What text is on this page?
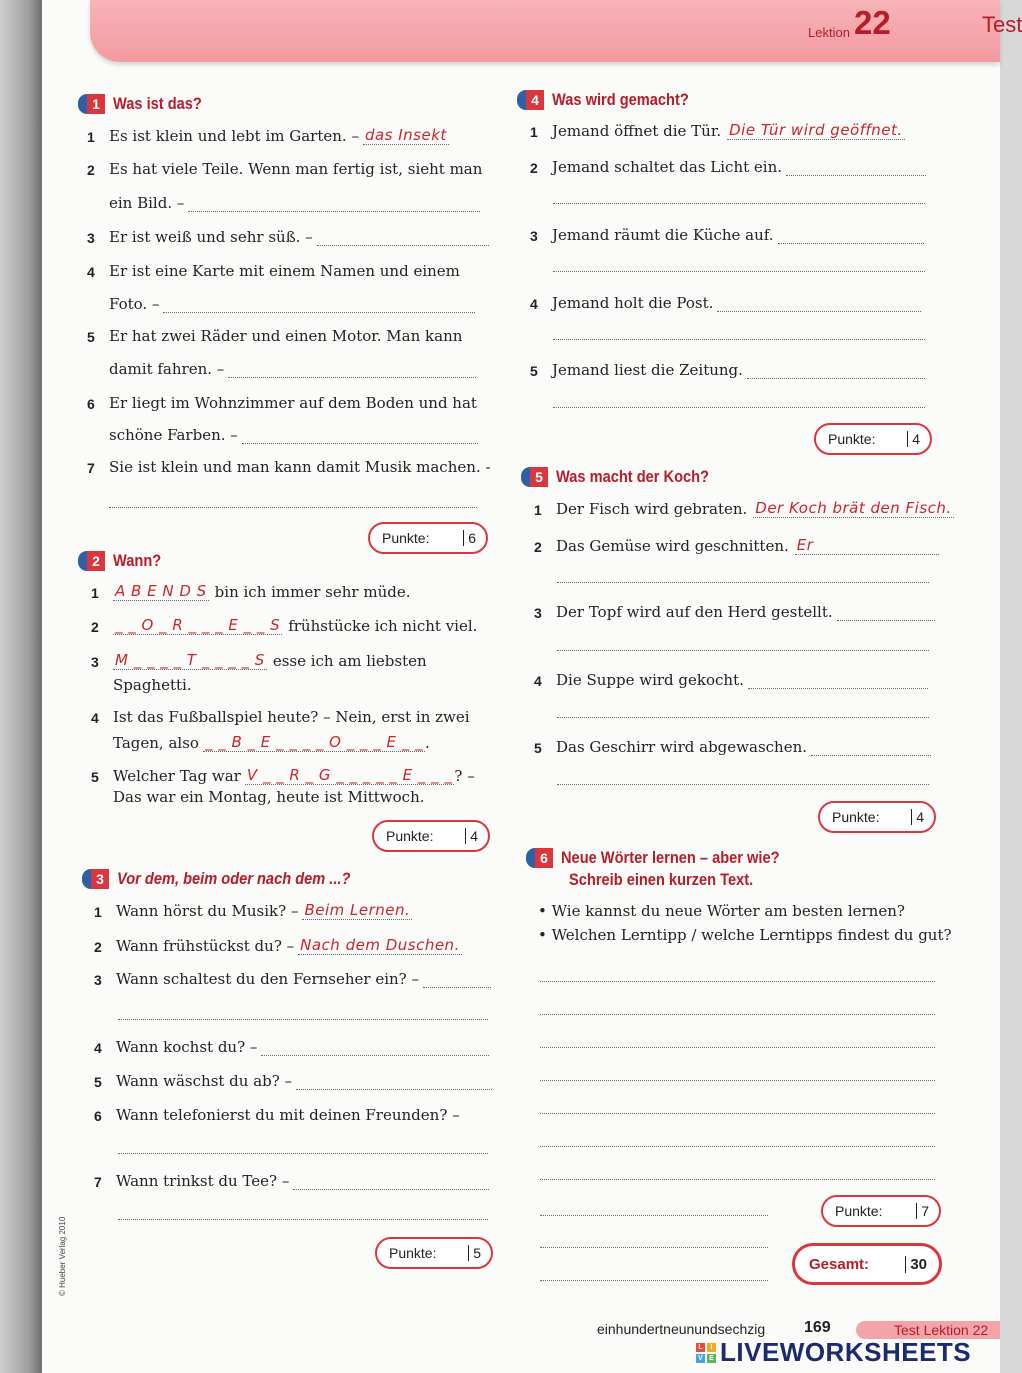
Lektion 22	Test
1 Was ist das?
1 Es ist klein und lebt im Garten. – das Insekt
2 Es hat viele Teile. Wenn man fertig ist, sieht man
ein Bild. –
3 Er ist weiß und sehr süß. –
4 Er ist eine Karte mit einem Namen und einem
Foto. –
5 Er hat zwei Räder und einen Motor. Man kann
damit fahren. –
6 Er liegt im Wohnzimmer auf dem Boden und hat
schöne Farben. –
7 Sie ist klein und man kann damit Musik machen. -
Punkte:	6
2 Wann?
1	A B E N D S bin ich immer sehr müde.
2	_ _ O _ R _ _ _ E _ _ S frühstücke ich nicht viel.
3	M _ _ _ _ T _ _ _ _ S esse ich am liebsten
Spaghetti.
4 Ist das Fußballspiel heute? – Nein, erst in zwei
Tagen, also _ _ B _ E _ _ _ _ O _ _ _ E _ _ .
5 Welcher Tag war V _ _ R _ G _ _ _ _ _ E _ _ _ ? –
Das war ein Montag, heute ist Mittwoch.
Punkte:	4
3 Vor dem, beim oder nach dem ...?
1 Wann hörst du Musik? – Beim Lernen.
2 Wann frühstückst du? – Nach dem Duschen.
3 Wann schaltest du den Fernseher ein? –
4 Wann kochst du? –
5 Wann wäschst du ab? –
6 Wann telefonierst du mit deinen Freunden? –
7 Wann trinkst du Tee? –
Punkte:	5
4 Was wird gemacht?
1 Jemand öffnet die Tür. Die Tür wird geöffnet.
2 Jemand schaltet das Licht ein.
3 Jemand räumt die Küche auf.
4 Jemand holt die Post.
5 Jemand liest die Zeitung.
Punkte:	4
5 Was macht der Koch?
1 Der Fisch wird gebraten. Der Koch brät den Fisch.
2 Das Gemüse wird geschnitten. Er
3 Der Topf wird auf den Herd gestellt.
4 Die Suppe wird gekocht.
5 Das Geschirr wird abgewaschen.
Punkte:	4
6 Neue Wörter lernen – aber wie?
Schreib einen kurzen Text.
• Wie kannst du neue Wörter am besten lernen?
• Welchen Lerntipp / welche Lerntipps findest du gut?
Punkte:	7
Gesamt:	30
© Hueber Verlag 2010
einhundertneunundsechzig 169	Test Lektion 22
L	I
V E LIVEWORKSHEETS
